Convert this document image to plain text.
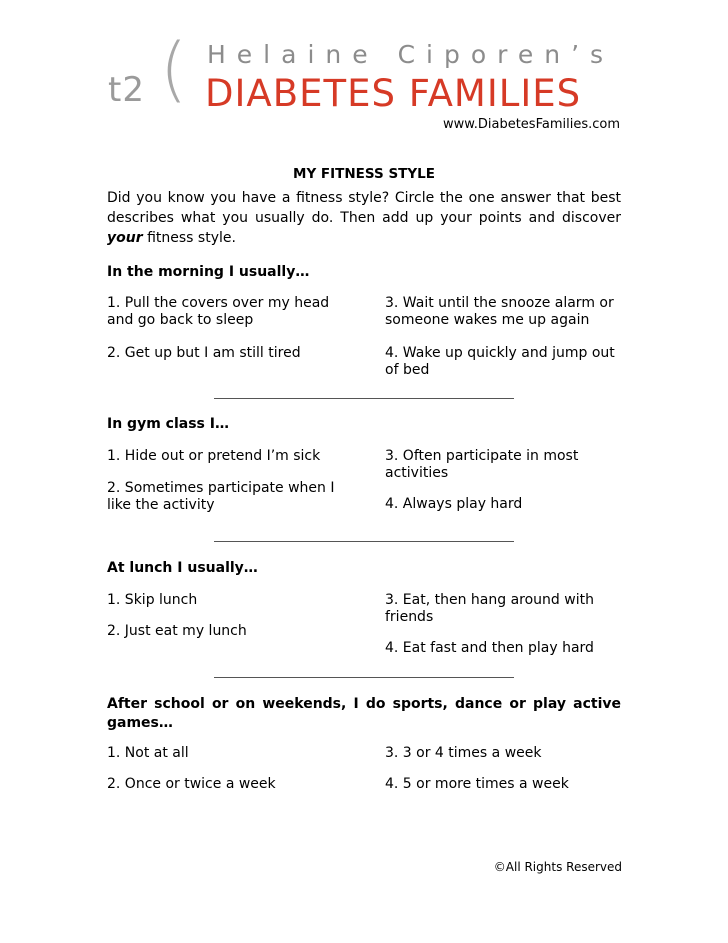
t2 ( Helaine Ciporen’s
DIABETES FAMILIES
www.DiabetesFamilies.com
MY FITNESS STYLE
Did you know you have a fitness style? Circle the one answer that best describes what you usually do. Then add up your points and discover your fitness style.
In the morning I usually…
1. Pull the covers over my head and go back to sleep
2. Get up but I am still tired
3. Wait until the snooze alarm or someone wakes me up again
4. Wake up quickly and jump out of bed
In gym class I…
1. Hide out or pretend I’m sick
2. Sometimes participate when I like the activity
3. Often participate in most activities
4. Always play hard
At lunch I usually…
1. Skip lunch
2. Just eat my lunch
3. Eat, then hang around with friends
4. Eat fast and then play hard
After school or on weekends, I do sports, dance or play active games…
1. Not at all
2. Once or twice a week
3. 3 or 4 times a week
4. 5 or more times a week
©All Rights Reserved
